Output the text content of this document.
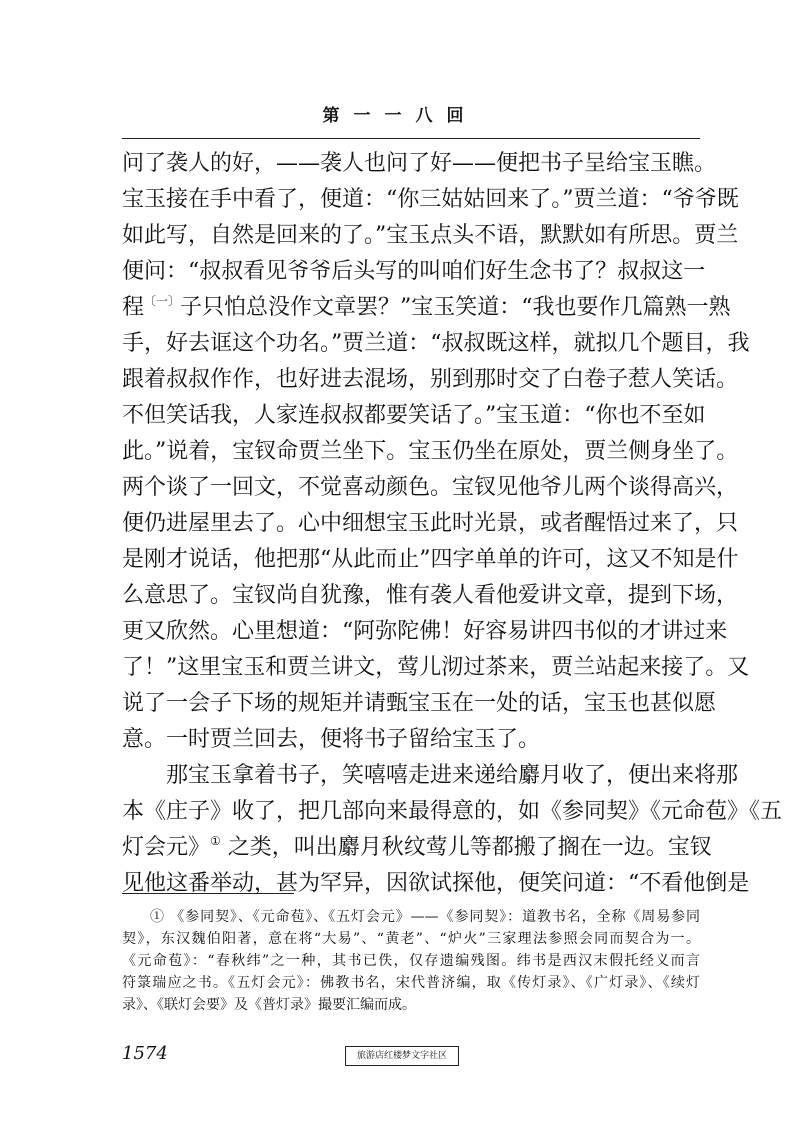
第一一八回
问了袭人的好，——袭人也问了好——便把书子呈给宝玉瞧。
宝玉接在手中看了，便道：“你三姑姑回来了。”贾兰道：“爷爷既
如此写，自然是回来的了。”宝玉点头不语，默默如有所思。贾兰
便问：“叔叔看见爷爷后头写的叫咱们好生念书了？叔叔这一
程$^{〔一〕}$子只怕总没作文章罢？”宝玉笑道：“我也要作几篇熟一熟
手，好去诓这个功名。”贾兰道：“叔叔既这样，就拟几个题目，我
跟着叔叔作作，也好进去混场，别到那时交了白卷子惹人笑话。
不但笑话我，人家连叔叔都要笑话了。”宝玉道：“你也不至如
此。”说着，宝钗命贾兰坐下。宝玉仍坐在原处，贾兰侧身坐了。
两个谈了一回文，不觉喜动颜色。宝钗见他爷儿两个谈得高兴，
便仍进屋里去了。心中细想宝玉此时光景，或者醒悟过来了，只
是刚才说话，他把那“从此而止”四字单单的许可，这又不知是什
么意思了。宝钗尚自犹豫，惟有袭人看他爱讲文章，提到下场，
更又欣然。心里想道：“阿弥陀佛！好容易讲四书似的才讲过来
了！”这里宝玉和贾兰讲文，莺儿沏过茶来，贾兰站起来接了。又
说了一会子下场的规矩并请甄宝玉在一处的话，宝玉也甚似愿
意。一时贾兰回去，便将书子留给宝玉了。
那宝玉拿着书子，笑嘻嘻走进来递给麝月收了，便出来将那
本《庄子》收了，把几部向来最得意的，如《参同契》《元命苞》《五
灯会元》① 之类，叫出麝月秋纹莺儿等都搬了搁在一边。宝钗
见他这番举动，甚为罕异，因欲试探他，便笑问道：“不看他倒是
① 《参同契》、《元命苞》、《五灯会元》——《参同契》：道教书名，全称《周易参同
契》，东汉魏伯阳著，意在将“大易”、“黄老”、“炉火”三家理法参照会同而契合为一。
《元命苞》：“春秋纬”之一种，其书已佚，仅存遗编残图。纬书是西汉末假托经义而言
符箓瑞应之书。《五灯会元》：佛教书名，宋代普济编，取《传灯录》、《广灯录》、《续灯
录》、《联灯会要》及《普灯录》撮要汇编而成。
1574	旅游店红楼梦文字社区
